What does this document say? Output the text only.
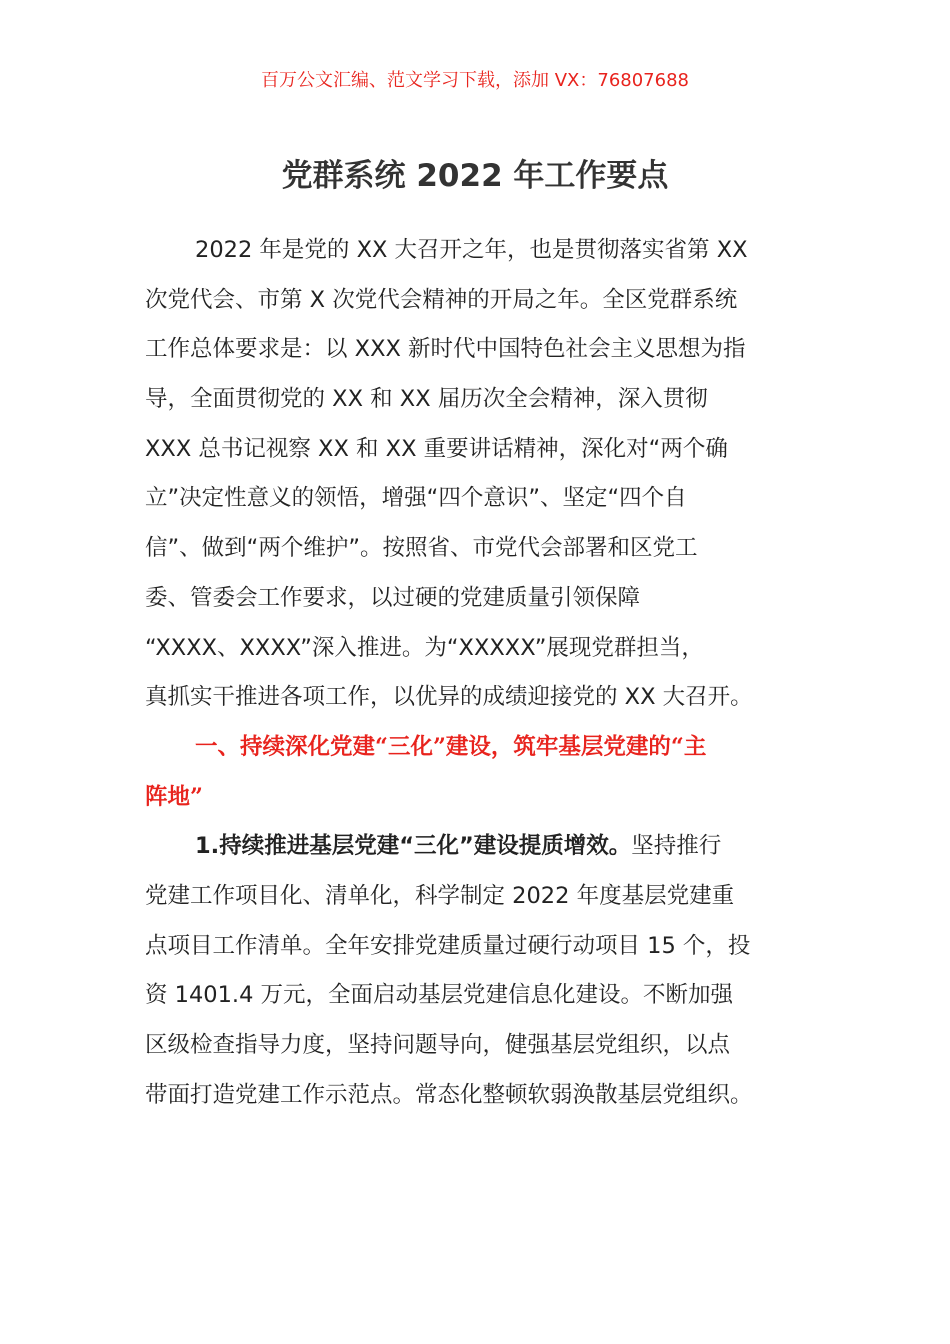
百万公文汇编、范文学习下载，添加 VX：76807688
党群系统 2022 年工作要点
2022 年是党的 XX 大召开之年，也是贯彻落实省第 XX
次党代会、市第 X 次党代会精神的开局之年。全区党群系统
工作总体要求是：以 XXX 新时代中国特色社会主义思想为指
导，全面贯彻党的 XX 和 XX 届历次全会精神，深入贯彻
XXX 总书记视察 XX 和 XX 重要讲话精神，深化对“两个确
立”决定性意义的领悟，增强“四个意识”、坚定“四个自
信”、做到“两个维护”。按照省、市党代会部署和区党工
委、管委会工作要求，以过硬的党建质量引领保障
“XXXX、XXXX”深入推进。为“XXXXX”展现党群担当，
真抓实干推进各项工作，以优异的成绩迎接党的 XX 大召开。
一、持续深化党建“三化”建设，筑牢基层党建的“主
阵地”
1.持续推进基层党建“三化”建设提质增效。坚持推行
党建工作项目化、清单化，科学制定 2022 年度基层党建重
点项目工作清单。全年安排党建质量过硬行动项目 15 个，投
资 1401.4 万元，全面启动基层党建信息化建设。不断加强
区级检查指导力度，坚持问题导向，健强基层党组织，以点
带面打造党建工作示范点。常态化整顿软弱涣散基层党组织。
